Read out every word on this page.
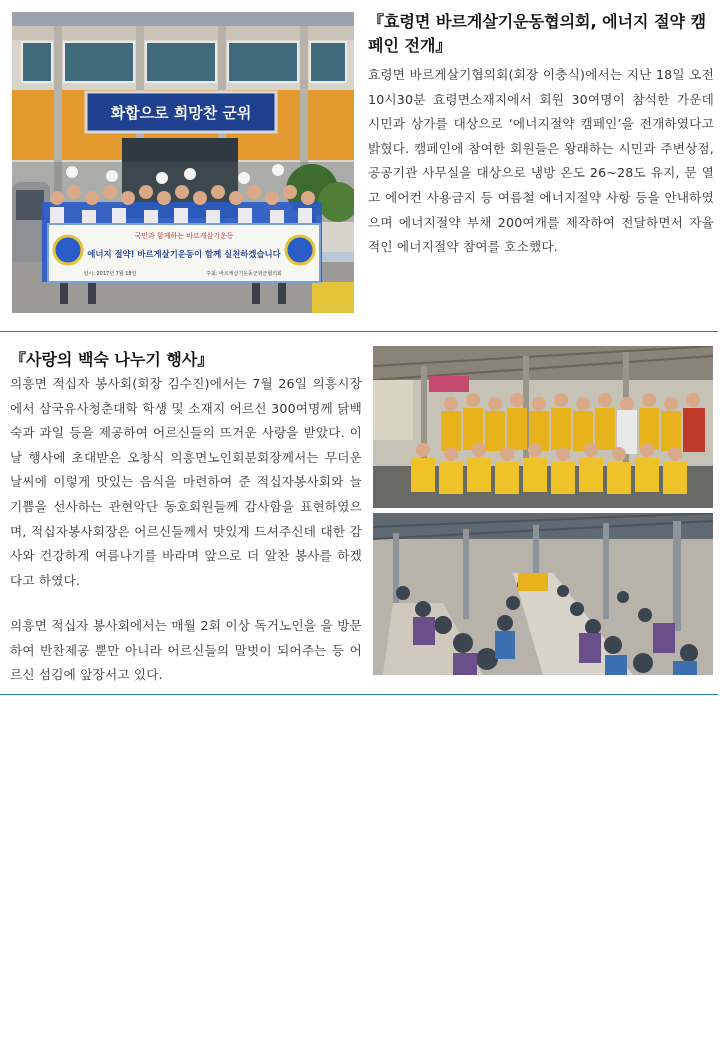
화합으로 희망찬 군위
국민과 함께하는 바르게살기운동
에너지 절약! 바르게살기운동이 함께 실천하겠습니다
일시: 2017년 7월 18일	주최: 바르게살기운동군위군협의회
『효령면 바르게살기운동협의회, 에너지 절약 캠페인 전개』

효령면 바르게살기협의회(회장 이충식)에서는 지난 18일 오전 10시30분 효령면소재지에서 회원 30여명이 참석한 가운데 시민과 상가를 대상으로 ‘에너지절약 캠페인’을 전개하였다고 밝혔다. 캠페인에 참여한 회원들은 왕래하는 시민과 주변상점, 공공기관 사무실을 대상으로 냉방 온도 26~28도 유지, 문 열고 에어컨 사용금지 등 여름철 에너지절약 사항 등을 안내하였으며 에너지절약 부채 200여개를 제작하여 전달하면서 자율적인 에너지절약 참여를 호소했다.

『사랑의 백숙 나누기 행사』

의흥면 적십자 봉사회(회장 김수진)에서는 7월 26일 의흥시장에서 삼국유사청춘대학 학생 및 소재지 어르신 300여명께 닭백숙과 과일 등을 제공하여 어르신들의 뜨거운 사랑을 받았다. 이날 행사에 초대받은 오창식 의흥면노인회분회장께서는 무더운 날씨에 이렇게 맛있는 음식을 마련하여 준 적십자봉사회와 늘 기쁨을 선사하는 관현악단 동호회원들께 감사함을 표현하였으며, 적십자봉사회장은 어르신들께서 맛있게 드셔주신데 대한 감사와 건강하게 여름나기를 바라며 앞으로 더 알찬 봉사를 하겠다고 하였다.

의흥면 적십자 봉사회에서는 매월 2회 이상 독거노인을 을 방문하여 반찬제공 뿐만 아니라 어르신들의 말벗이 되어주는 등 어르신 섬김에 앞장서고 있다.
